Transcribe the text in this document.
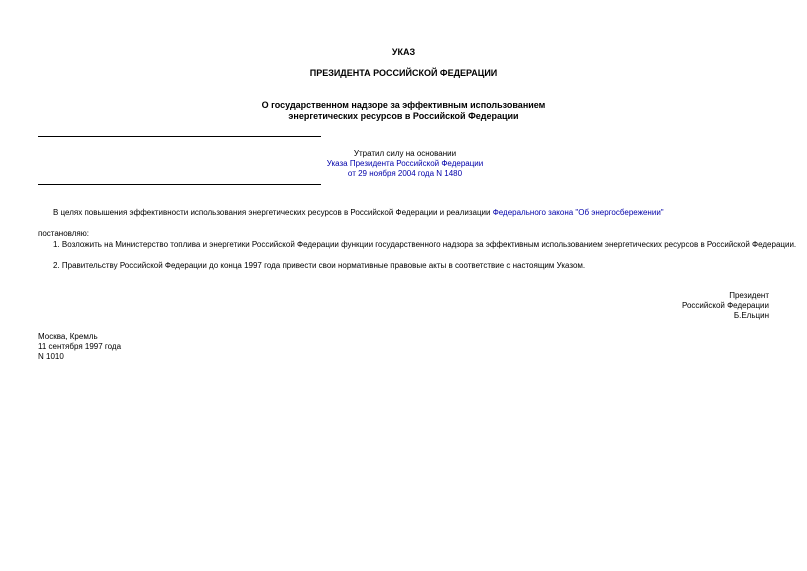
УКАЗ
ПРЕЗИДЕНТА РОССИЙСКОЙ ФЕДЕРАЦИИ
О государственном надзоре за эффективным использованием
энергетических ресурсов в Российской Федерации
Утратил силу на основании
Указа Президента Российской Федерации
от 29 ноября 2004 года N 1480
В целях повышения эффективности использования энергетических ресурсов в Российской Федерации и реализации Федерального закона "Об энергосбережении"
постановляю:
1. Возложить на Министерство топлива и энергетики Российской Федерации функции государственного надзора за эффективным использованием энергетических ресурсов в Российской Федерации.
2. Правительству Российской Федерации до конца 1997 года привести свои нормативные правовые акты в соответствие с настоящим Указом.
Президент
Российской Федерации
Б.Ельцин
Москва, Кремль
11 сентября 1997 года
N 1010
